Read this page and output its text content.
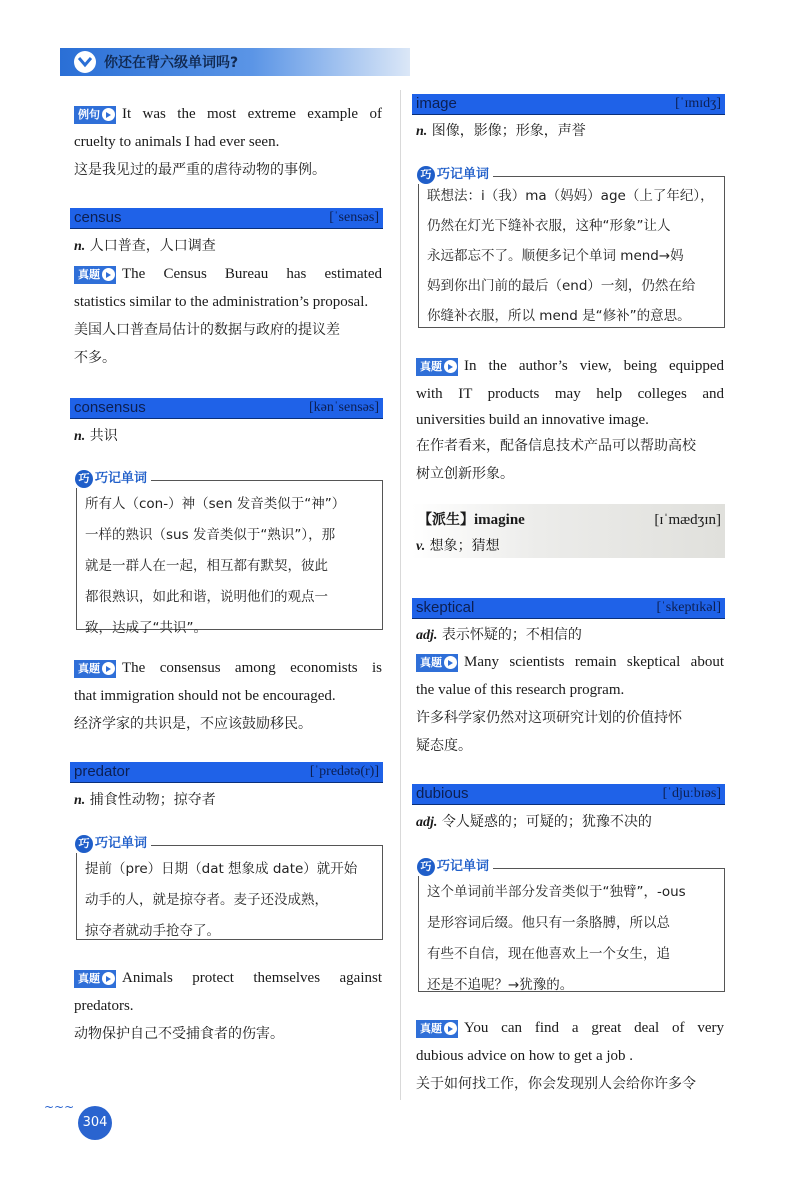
你还在背六级单词吗?
例句 It was the most extreme example of
cruelty to animals I had ever seen.
这是我见过的最严重的虐待动物的事例。
census	[ˈsensəs]
n. 人口普查，人口调查
真题 The Census Bureau has estimated
statistics similar to the administration’s proposal.
美国人口普查局估计的数据与政府的提议差
不多。
consensus	[kənˈsensəs]
n. 共识
巧 巧记单词
所有人（con-）神（sen 发音类似于“神”）
一样的熟识（sus 发音类似于“熟识”），那
就是一群人在一起，相互都有默契，彼此
都很熟识，如此和谐，说明他们的观点一
致，达成了“共识”。
真题 The consensus among economists is
that immigration should not be encouraged.
经济学家的共识是，不应该鼓励移民。
predator	[ˈpredətə(r)]
n. 捕食性动物；掠夺者
巧 巧记单词
提前（pre）日期（dat 想象成 date）就开始
动手的人，就是掠夺者。麦子还没成熟，
掠夺者就动手抢夺了。
真题 Animals protect themselves against
predators.
动物保护自己不受捕食者的伤害。
image	[ˈɪmɪdʒ]
n. 图像，影像；形象，声誉
巧 巧记单词
联想法：i（我）ma（妈妈）age（上了年纪），
仍然在灯光下缝补衣服，这种“形象”让人
永远都忘不了。顺便多记个单词 mend→妈
妈到你出门前的最后（end）一刻，仍然在给
你缝补衣服，所以 mend 是“修补”的意思。
真题 In the author’s view, being equipped
with IT products may help colleges and
universities build an innovative image.
在作者看来，配备信息技术产品可以帮助高校
树立创新形象。
【派生】imagine	[ɪˈmædʒɪn]
v. 想象；猜想
skeptical	[ˈskeptɪkəl]
adj. 表示怀疑的；不相信的
真题 Many scientists remain skeptical about
the value of this research program.
许多科学家仍然对这项研究计划的价值持怀
疑态度。
dubious	[ˈdjuːbɪəs]
adj. 令人疑惑的；可疑的；犹豫不决的
巧 巧记单词
这个单词前半部分发音类似于“独臂”，-ous
是形容词后缀。他只有一条胳膊，所以总
有些不自信，现在他喜欢上一个女生，追
还是不追呢？→犹豫的。
真题 You can find a great deal of very
dubious advice on how to get a job .
关于如何找工作，你会发现别人会给你许多令
~~~
304
